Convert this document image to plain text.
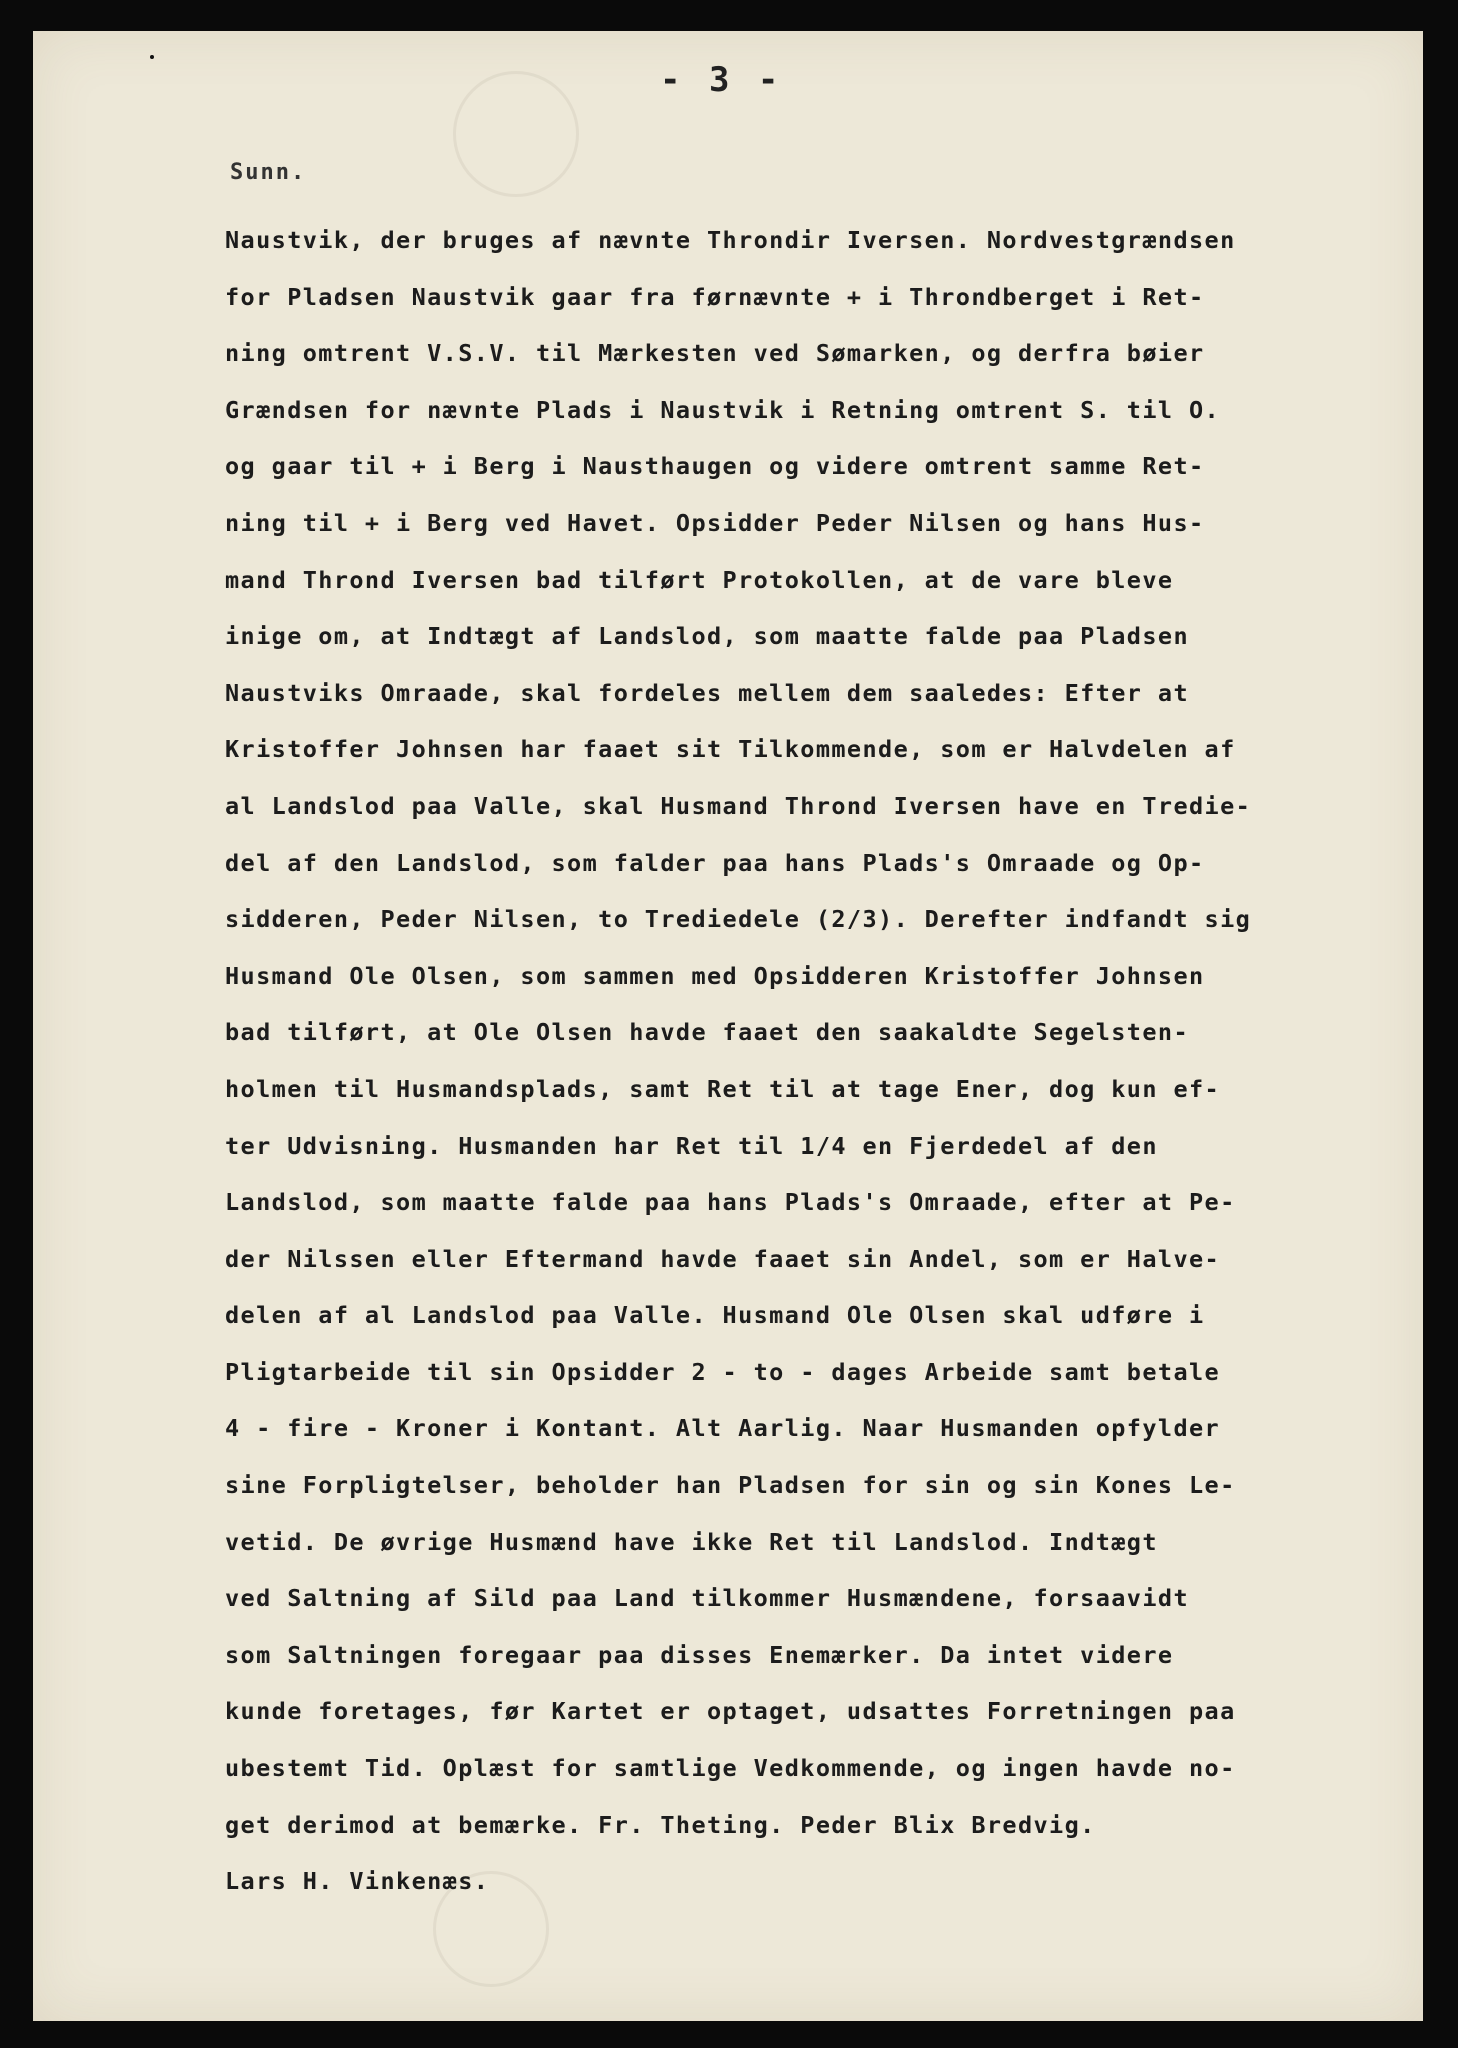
- 3 -
Sunn.
Naustvik, der bruges af nævnte Throndir Iversen. Nordvestgrændsen
for Pladsen Naustvik gaar fra førnævnte + i Throndberget i Ret-
ning omtrent V.S.V. til Mærkesten ved Sømarken, og derfra bøier
Grændsen for nævnte Plads i Naustvik i Retning omtrent S. til O.
og gaar til + i Berg i Nausthaugen og videre omtrent samme Ret-
ning til + i Berg ved Havet. Opsidder Peder Nilsen og hans Hus-
mand Thrond Iversen bad tilført Protokollen, at de vare bleve
inige om, at Indtægt af Landslod, som maatte falde paa Pladsen
Naustviks Omraade, skal fordeles mellem dem saaledes: Efter at
Kristoffer Johnsen har faaet sit Tilkommende, som er Halvdelen af
al Landslod paa Valle, skal Husmand Thrond Iversen have en Tredie-
del af den Landslod, som falder paa hans Plads's Omraade og Op-
sidderen, Peder Nilsen, to Trediedele (2/3). Derefter indfandt sig
Husmand Ole Olsen, som sammen med Opsidderen Kristoffer Johnsen
bad tilført, at Ole Olsen havde faaet den saakaldte Segelsten-
holmen til Husmandsplads, samt Ret til at tage Ener, dog kun ef-
ter Udvisning. Husmanden har Ret til 1/4 en Fjerdedel af den
Landslod, som maatte falde paa hans Plads's Omraade, efter at Pe-
der Nilssen eller Eftermand havde faaet sin Andel, som er Halve-
delen af al Landslod paa Valle. Husmand Ole Olsen skal udføre i
Pligtarbeide til sin Opsidder 2 - to - dages Arbeide samt betale
4 - fire - Kroner i Kontant. Alt Aarlig. Naar Husmanden opfylder
sine Forpligtelser, beholder han Pladsen for sin og sin Kones Le-
vetid. De øvrige Husmænd have ikke Ret til Landslod. Indtægt
ved Saltning af Sild paa Land tilkommer Husmændene, forsaavidt
som Saltningen foregaar paa disses Enemærker. Da intet videre
kunde foretages, før Kartet er optaget, udsattes Forretningen paa
ubestemt Tid. Oplæst for samtlige Vedkommende, og ingen havde no-
get derimod at bemærke. Fr. Theting. Peder Blix Bredvig.
Lars H. Vinkenæs.
